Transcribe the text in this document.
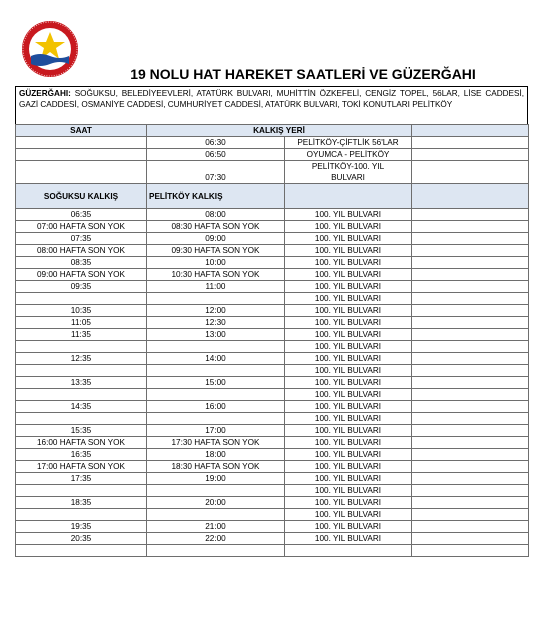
19 NOLU HAT HAREKET SAATLERİ VE GÜZERĞAHI
GÜZERĞAHI: SOĞUKSU, BELEDİYEEVLERİ, ATATÜRK BULVARI, MUHİTTİN ÖZKEFELİ, CENGİZ TOPEL, 56LAR, LİSE CADDESİ, GAZİ CADDESİ, OSMANİYE CADDESİ, CUMHURİYET CADDESİ, ATATÜRK BULVARI, TOKİ KONUTLARI PELİTKÖY
SAAT	KALKIŞ YERİ		
	06:30	PELİTKÖY-ÇİFTLİK 56'LAR	
	06:50	OYUMCA - PELİTKÖY	
	07:30	PELİTKÖY-100. YIL
BULVARI	
SOĞUKSU KALKIŞ	PELİTKÖY KALKIŞ		
06:35	08:00	100. YIL BULVARI	
07:00 HAFTA SON YOK	08:30 HAFTA SON YOK	100. YIL BULVARI	
07:35	09:00	100. YIL BULVARI	
08:00 HAFTA SON YOK	09:30 HAFTA SON YOK	100. YIL BULVARI	
08:35	10:00	100. YIL BULVARI	
09:00 HAFTA SON YOK	10:30 HAFTA SON YOK	100. YIL BULVARI	
09:35	11:00	100. YIL BULVARI	
		100. YIL BULVARI	
10:35	12:00	100. YIL BULVARI	
11:05	12:30	100. YIL BULVARI	
11:35	13:00	100. YIL BULVARI	
		100. YIL BULVARI	
12:35	14:00	100. YIL BULVARI	
		100. YIL BULVARI	
13:35	15:00	100. YIL BULVARI	
		100. YIL BULVARI	
14:35	16:00	100. YIL BULVARI	
		100. YIL BULVARI	
15:35	17:00	100. YIL BULVARI	
16:00 HAFTA SON YOK	17:30 HAFTA SON YOK	100. YIL BULVARI	
16:35	18:00	100. YIL BULVARI	
17:00 HAFTA SON YOK	18:30 HAFTA SON YOK	100. YIL BULVARI	
17:35	19:00	100. YIL BULVARI	
		100. YIL BULVARI	
18:35	20:00	100. YIL BULVARI	
		100. YIL BULVARI	
19:35	21:00	100. YIL BULVARI	
20:35	22:00	100. YIL BULVARI	
